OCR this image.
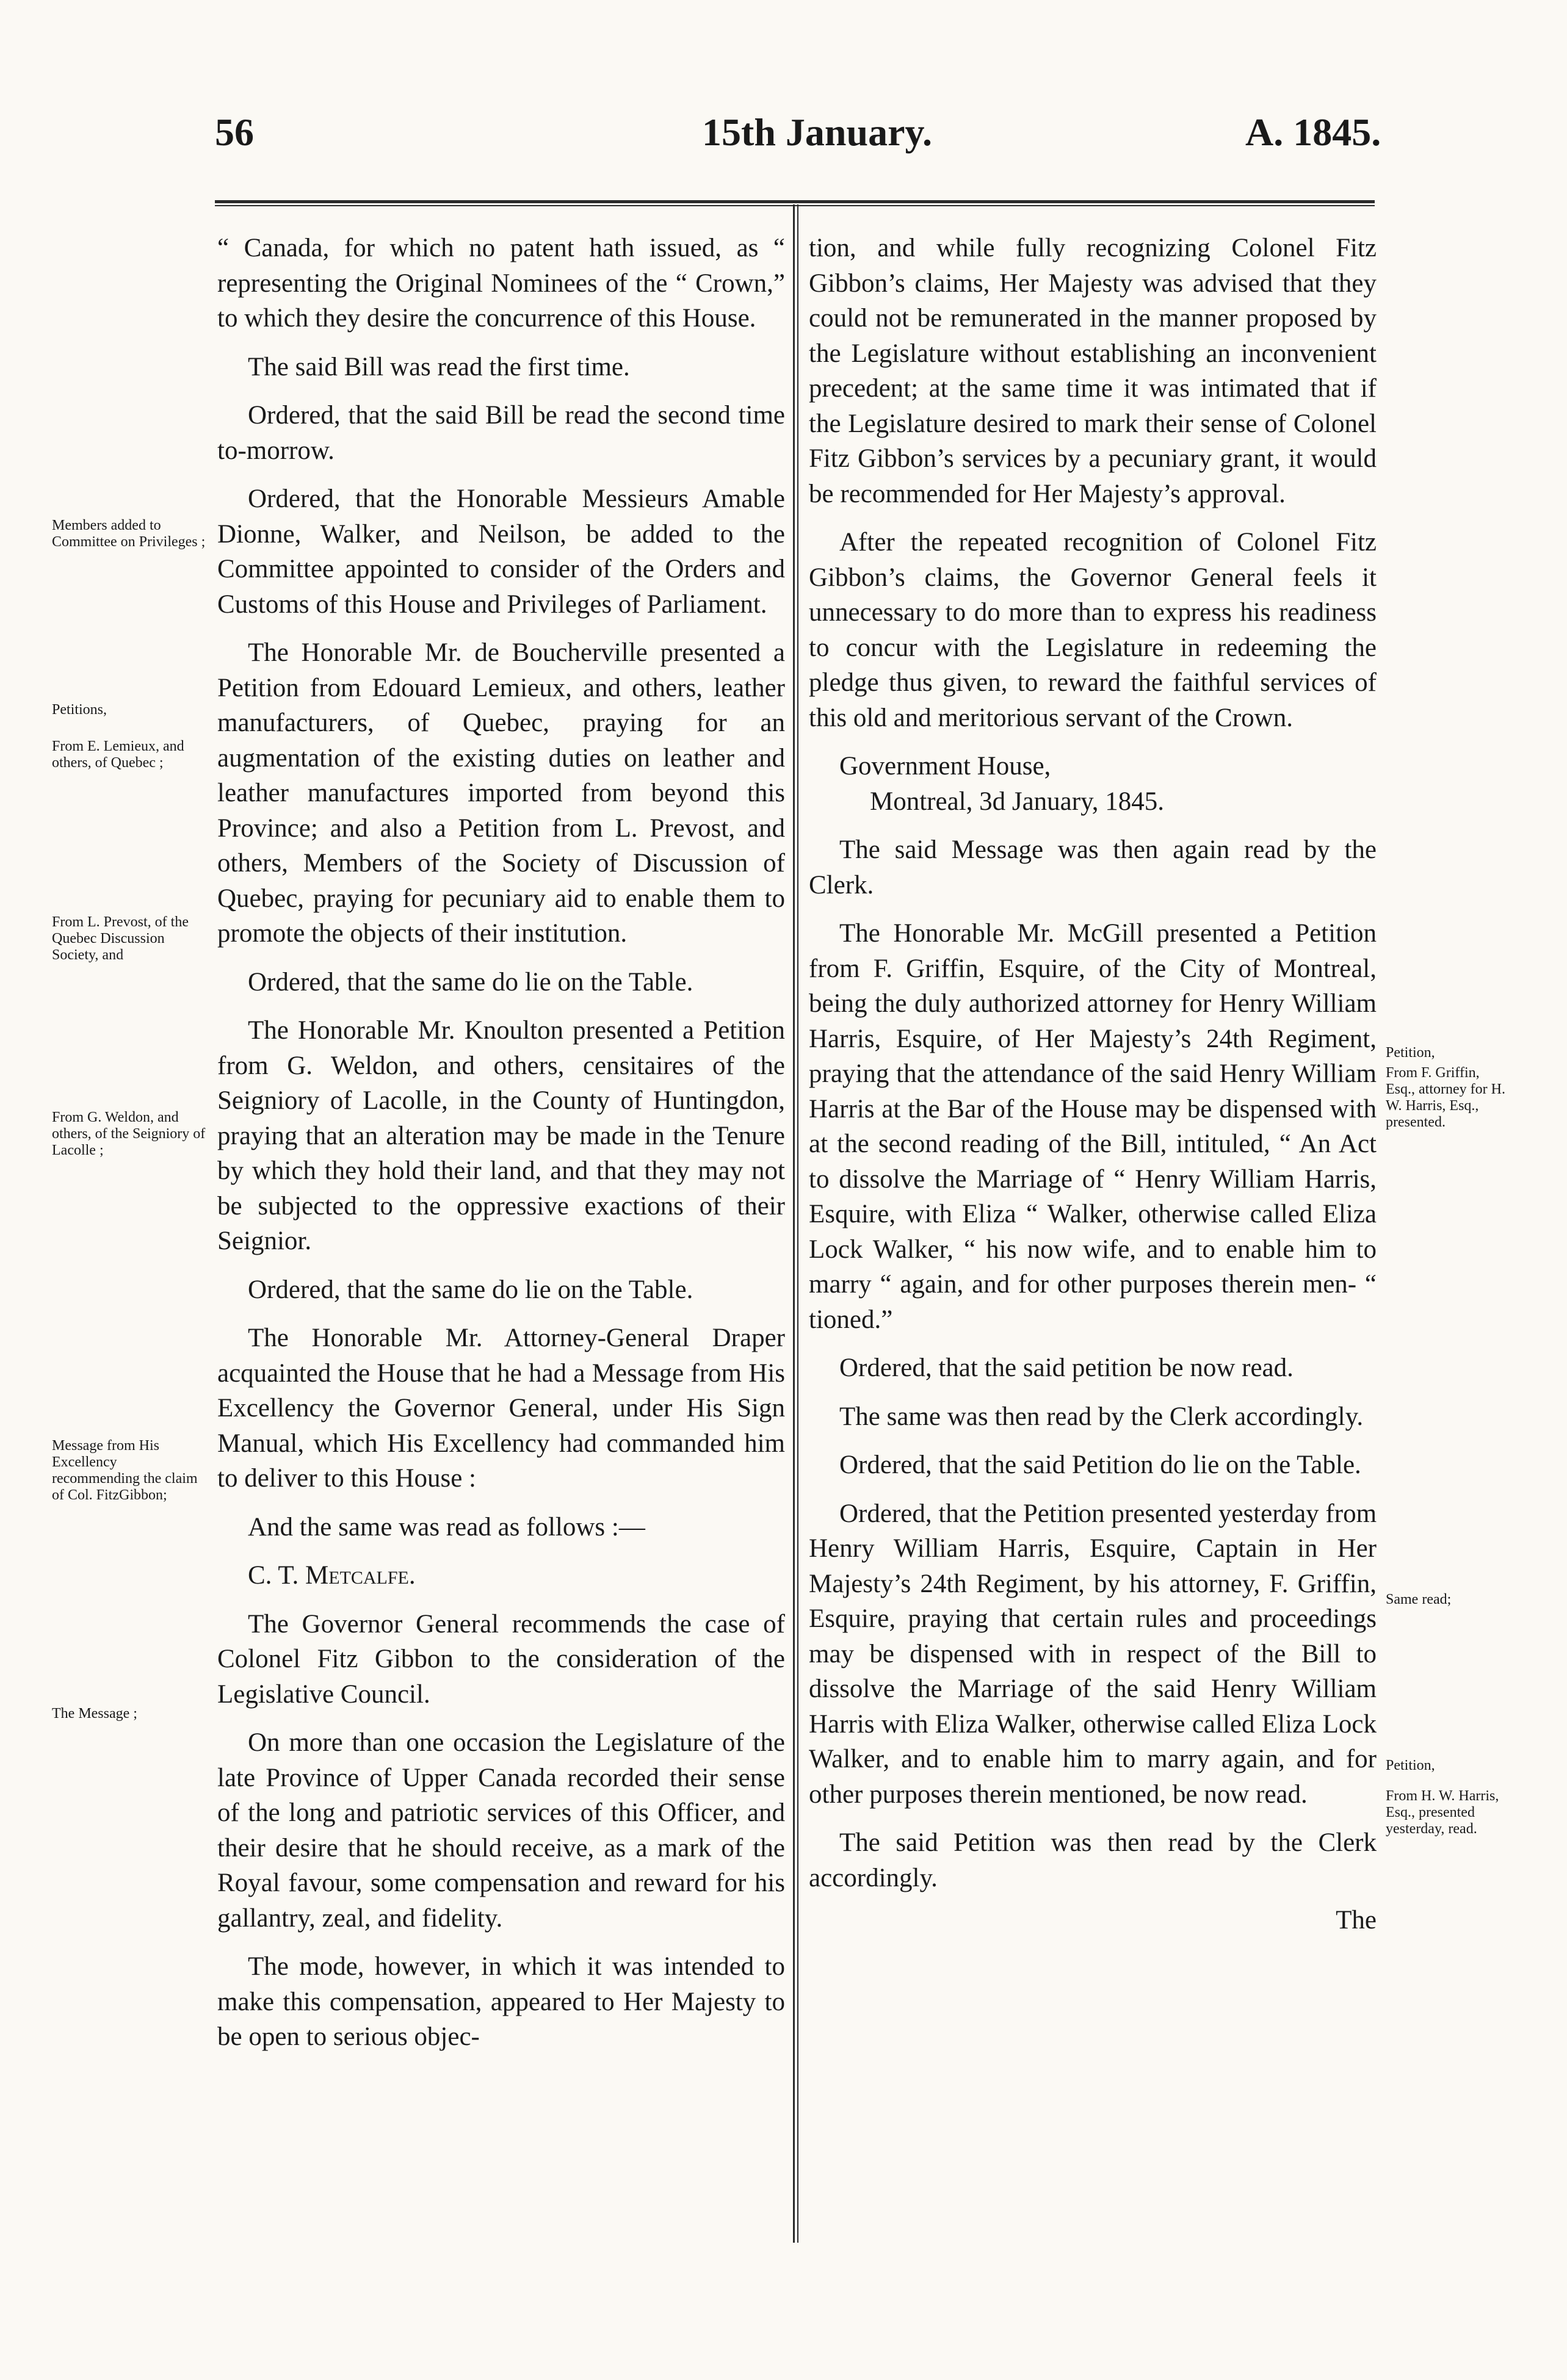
56	15th January.	A. 1845.

“ Canada, for which no patent hath issued, as “ representing the Original Nominees of the “ Crown,” to which they desire the concurrence of this House.

The said Bill was read the first time.

Ordered, that the said Bill be read the second time to-morrow.

Ordered, that the Honorable Messieurs Amable Dionne, Walker, and Neilson, be added to the Committee appointed to consider of the Orders and Customs of this House and Privileges of Parliament.

The Honorable Mr. de Boucherville presented a Petition from Edouard Lemieux, and others, leather manufacturers, of Quebec, praying for an augmentation of the existing duties on leather and leather manufactures imported from beyond this Province; and also a Petition from L. Prevost, and others, Members of the Society of Discussion of Quebec, praying for pecuniary aid to enable them to promote the objects of their institution.

Ordered, that the same do lie on the Table.

The Honorable Mr. Knoulton presented a Petition from G. Weldon, and others, censitaires of the Seigniory of Lacolle, in the County of Huntingdon, praying that an alteration may be made in the Tenure by which they hold their land, and that they may not be subjected to the oppressive exactions of their Seignior.

Ordered, that the same do lie on the Table.

The Honorable Mr. Attorney-General Draper acquainted the House that he had a Message from His Excellency the Governor General, under His Sign Manual, which His Excellency had commanded him to deliver to this House :

And the same was read as follows :—

C. T. Metcalfe.

The Governor General recommends the case of Colonel Fitz Gibbon to the consideration of the Legislative Council.

On more than one occasion the Legislature of the late Province of Upper Canada recorded their sense of the long and patriotic services of this Officer, and their desire that he should receive, as a mark of the Royal favour, some compensation and reward for his gallantry, zeal, and fidelity.

The mode, however, in which it was intended to make this compensation, appeared to Her Majesty to be open to serious objec-

tion, and while fully recognizing Colonel Fitz Gibbon’s claims, Her Majesty was advised that they could not be remunerated in the manner proposed by the Legislature without establishing an inconvenient precedent; at the same time it was intimated that if the Legislature desired to mark their sense of Colonel Fitz Gibbon’s services by a pecuniary grant, it would be recommended for Her Majesty’s approval.

After the repeated recognition of Colonel Fitz Gibbon’s claims, the Governor General feels it unnecessary to do more than to express his readiness to concur with the Legislature in redeeming the pledge thus given, to reward the faithful services of this old and meritorious servant of the Crown.

Government House,

Montreal, 3d January, 1845.

The said Message was then again read by the Clerk.

The Honorable Mr. McGill presented a Petition from F. Griffin, Esquire, of the City of Montreal, being the duly authorized attorney for Henry William Harris, Esquire, of Her Majesty’s 24th Regiment, praying that the attendance of the said Henry William Harris at the Bar of the House may be dispensed with at the second reading of the Bill, intituled, “ An Act to dissolve the Marriage of “ Henry William Harris, Esquire, with Eliza “ Walker, otherwise called Eliza Lock Walker, “ his now wife, and to enable him to marry “ again, and for other purposes therein men- “ tioned.”

Ordered, that the said petition be now read.

The same was then read by the Clerk accordingly.

Ordered, that the said Petition do lie on the Table.

Ordered, that the Petition presented yesterday from Henry William Harris, Esquire, Captain in Her Majesty’s 24th Regiment, by his attorney, F. Griffin, Esquire, praying that certain rules and proceedings may be dispensed with in respect of the Bill to dissolve the Marriage of the said Henry William Harris with Eliza Walker, otherwise called Eliza Lock Walker, and to enable him to marry again, and for other purposes therein mentioned, be now read.

The said Petition was then read by the Clerk accordingly.

The

Members added to Committee on Privileges ;
Petitions,
From E. Lemieux, and others, of Quebec ;
From L. Prevost, of the Quebec Discussion Society, and
From G. Weldon, and others, of the Seigniory of Lacolle ;
Message from His Excellency recommending the claim of Col. FitzGibbon;
The Message ;
Petition,
From F. Griffin, Esq., attorney for H. W. Harris, Esq., presented.
Same read;
Petition,
From H. W. Harris, Esq., presented yesterday, read.
